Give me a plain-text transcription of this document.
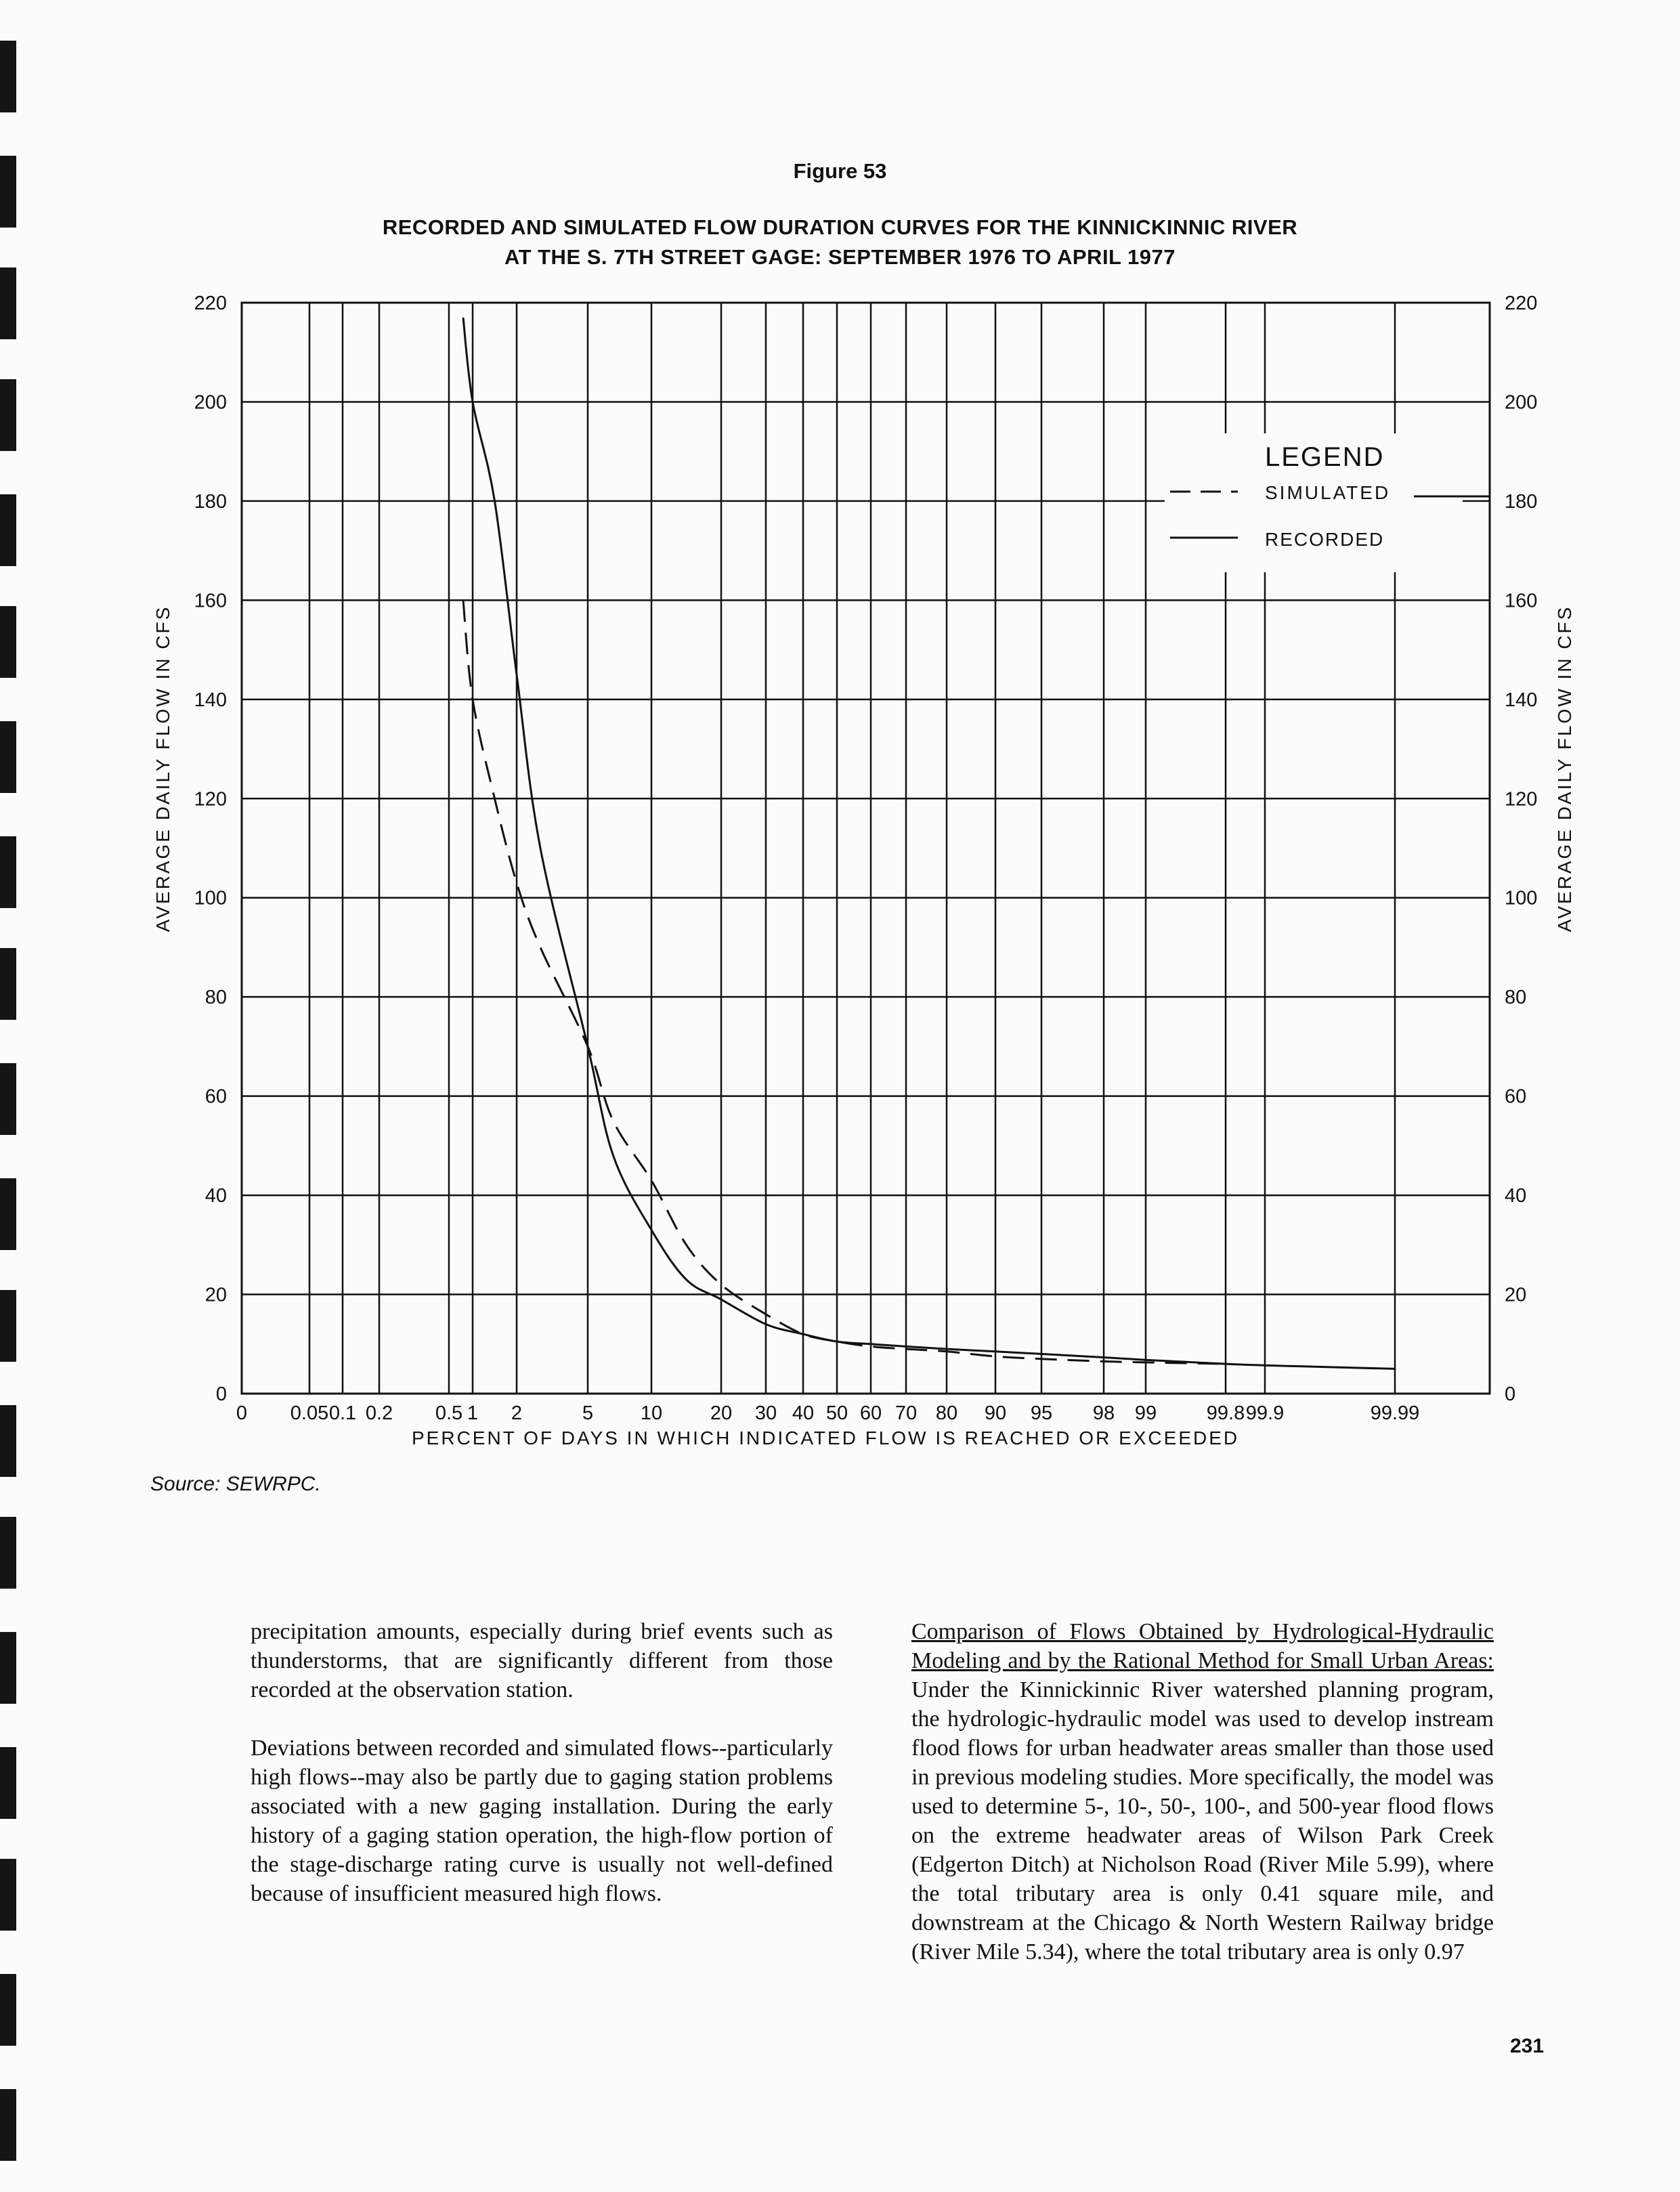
Figure 53
RECORDED AND SIMULATED FLOW DURATION CURVES FOR THE KINNICKINNIC RIVER
AT THE S. 7TH STREET GAGE: SEPTEMBER 1976 TO APRIL 1977
0
20
40
60
80
100
120
140
160
180
200
220
0
20
40
60
80
100
120
140
160
180
200
220
0 0.05 0.1 0.2 0.5 1 2	5 10 20 30 40 50 60 70 80 90 95 98 99	99.8 99.9	99.99
LEGEND
SIMULATED
RECORDED
PERCENT OF DAYS IN WHICH INDICATED FLOW IS REACHED OR EXCEEDED
AVERAGE DAILY FLOW IN CFS	AVERAGE DAILY FLOW IN CFS
Source: SEWRPC.

precipitation amounts, especially during brief events such as thunderstorms, that are significantly different from those recorded at the observation station.

Deviations between recorded and simulated flows--particularly high flows--may also be partly due to gaging station problems associated with a new gaging installation. During the early history of a gaging station operation, the high-flow portion of the stage-discharge rating curve is usually not well-defined because of insufficient measured high flows.

Comparison of Flows Obtained by Hydrological-Hydraulic Modeling and by the Rational Method for Small Urban Areas: Under the Kinnickinnic River watershed planning program, the hydrologic-hydraulic model was used to develop instream flood flows for urban headwater areas smaller than those used in previous modeling studies. More specifically, the model was used to determine 5-, 10-, 50-, 100-, and 500-year flood flows on the extreme headwater areas of Wilson Park Creek (Edgerton Ditch) at Nicholson Road (River Mile 5.99), where the total tributary area is only 0.41 square mile, and downstream at the Chicago & North Western Railway bridge (River Mile 5.34), where the total tributary area is only 0.97

231
